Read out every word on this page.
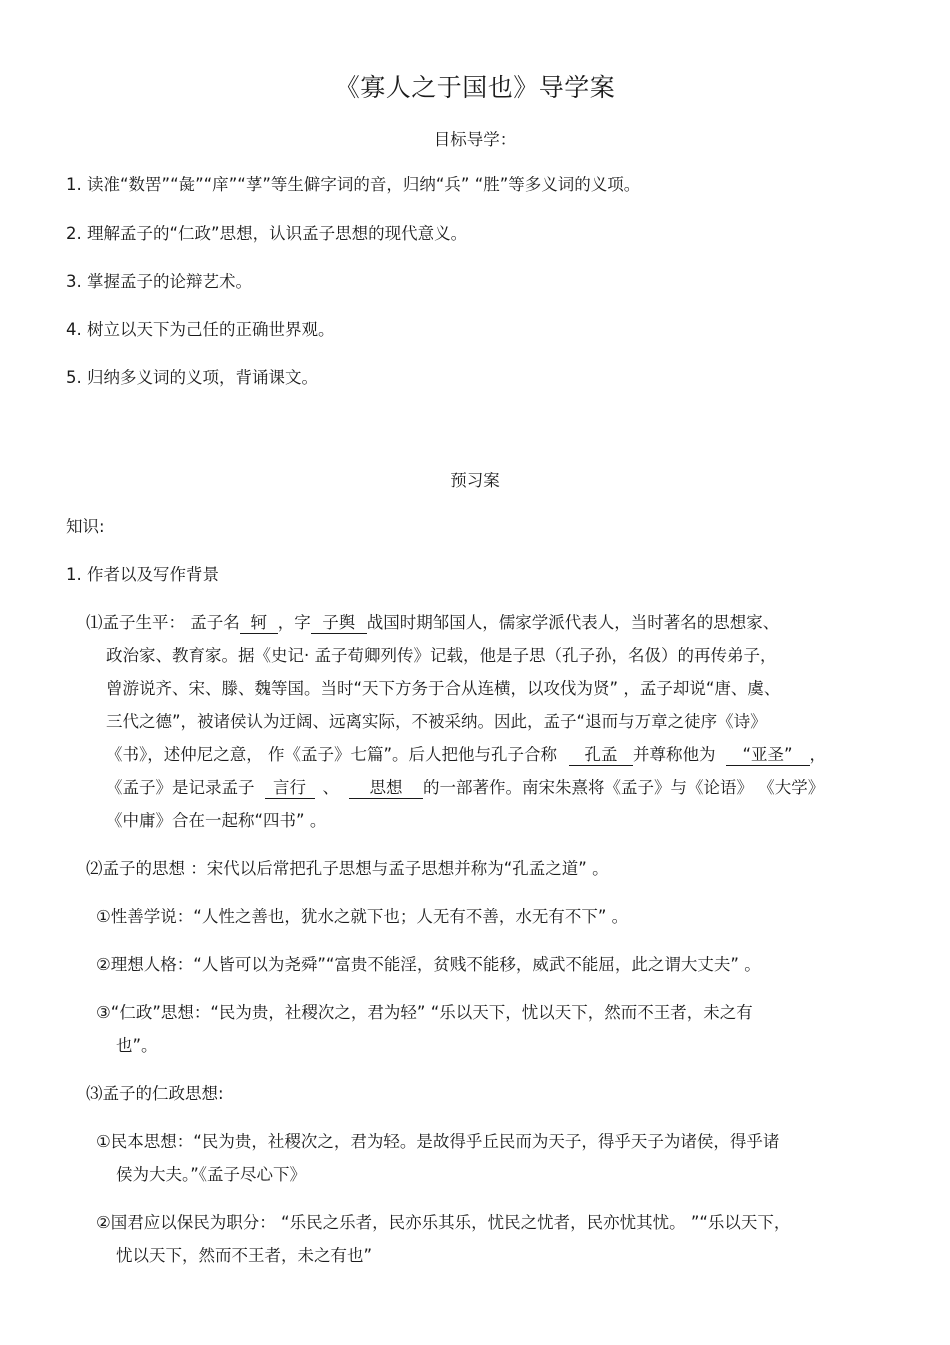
《寡人之于国也》导学案
目标导学：
1. 读准“数罟”“彘”“庠”“莩”等生僻字词的音，归纳“兵” “胜”等多义词的义项。
2. 理解孟子的“仁政”思想，认识孟子思想的现代意义。
3. 掌握孟子的论辩艺术。
4. 树立以天下为己任的正确世界观。
5. 归纳多义词的义项，背诵课文。
预习案
知识:
1. 作者以及写作背景
⑴孟子生平： 孟子名 轲 ，字 子舆 战国时期邹国人，儒家学派代表人，当时著名的思想家、
政治家、教育家。据《史记· 孟子荀卿列传》记载，他是子思（孔子孙，名伋）的再传弟子，
曾游说齐、宋、滕、魏等国。当时“天下方务于合从连横，以攻伐为贤” ，孟子却说“唐、虞、
三代之德”，被诸侯认为迂阔、远离实际，不被采纳。因此，孟子“退而与万章之徒序《诗》
《书》，述仲尼之意， 作《孟子》七篇”。后人把他与孔子合称 孔孟 并尊称他为 “亚圣” ，
《孟子》是记录孟子 言行 、 思想 的一部著作。南宋朱熹将《孟子》与《论语》 《大学》
《中庸》合在一起称“四书” 。
⑵孟子的思想 ：宋代以后常把孔子思想与孟子思想并称为“孔孟之道” 。
①性善学说：“人性之善也，犹水之就下也；人无有不善，水无有不下” 。
②理想人格：“人皆可以为尧舜”“富贵不能淫，贫贱不能移，威武不能屈，此之谓大丈夫” 。
③“仁政”思想：“民为贵，社稷次之，君为轻” “乐以天下，忧以天下，然而不王者，未之有
也”。
⑶孟子的仁政思想:
①民本思想：“民为贵，社稷次之，君为轻。是故得乎丘民而为天子，得乎天子为诸侯，得乎诸
侯为大夫。”《孟子尽心下》
②国君应以保民为职分： “乐民之乐者，民亦乐其乐，忧民之忧者，民亦忧其忧。 ”“乐以天下，
忧以天下，然而不王者，未之有也”
